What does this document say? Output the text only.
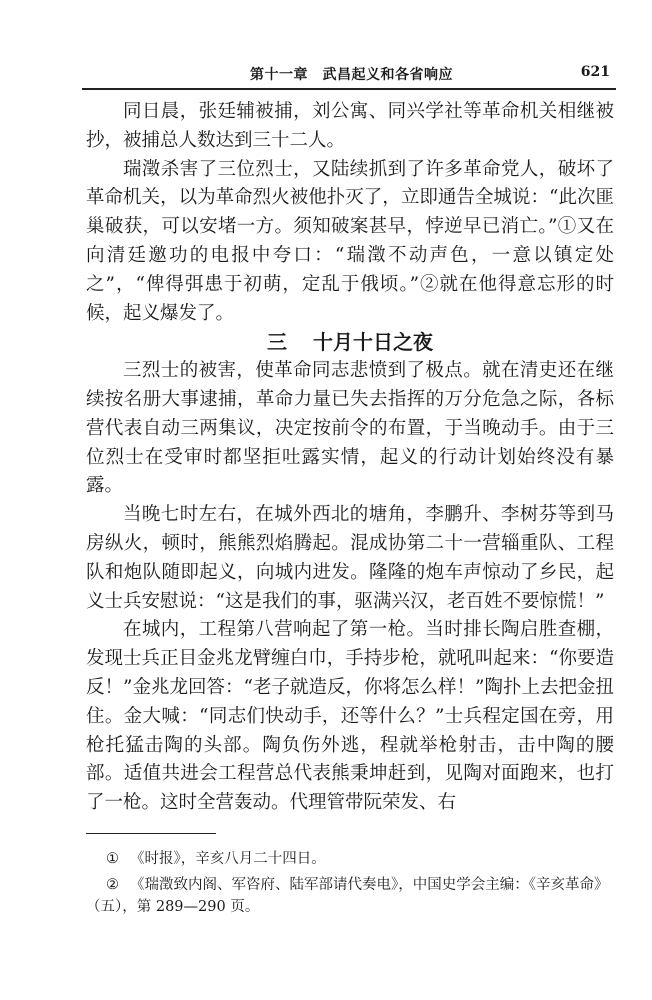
第十一章　武昌起义和各省响应	621

同日晨，张廷辅被捕，刘公寓、同兴学社等革命机关相继被抄，被捕总人数达到三十二人。

瑞澂杀害了三位烈士，又陆续抓到了许多革命党人，破坏了革命机关，以为革命烈火被他扑灭了，立即通告全城说：“此次匪巢破获，可以安堵一方。须知破案甚早，悖逆早已消亡。”①又在向清廷邀功的电报中夸口：“瑞澂不动声色，一意以镇定处之”，“俾得弭患于初萌，定乱于俄顷。”②就在他得意忘形的时候，起义爆发了。

三 十月十日之夜

三烈士的被害，使革命同志悲愤到了极点。就在清吏还在继续按名册大事逮捕，革命力量已失去指挥的万分危急之际，各标营代表自动三两集议，决定按前令的布置，于当晚动手。由于三位烈士在受审时都坚拒吐露实情，起义的行动计划始终没有暴露。

当晚七时左右，在城外西北的塘角，李鹏升、李树芬等到马房纵火，顿时，熊熊烈焰腾起。混成协第二十一营辎重队、工程队和炮队随即起义，向城内进发。隆隆的炮车声惊动了乡民，起义士兵安慰说：“这是我们的事，驱满兴汉，老百姓不要惊慌！”

在城内，工程第八营响起了第一枪。当时排长陶启胜查棚，发现士兵正目金兆龙臂缠白巾，手持步枪，就吼叫起来：“你要造反！”金兆龙回答：“老子就造反，你将怎么样！”陶扑上去把金扭住。金大喊：“同志们快动手，还等什么？”士兵程定国在旁，用枪托猛击陶的头部。陶负伤外逃，程就举枪射击，击中陶的腰部。适值共进会工程营总代表熊秉坤赶到，见陶对面跑来，也打了一枪。这时全营轰动。代理管带阮荣发、右

① 《时报》，辛亥八月二十四日。
② 《瑞澂致内阁、军咨府、陆军部请代奏电》，中国史学会主编：《辛亥革命》（五），第 289—290 页。
